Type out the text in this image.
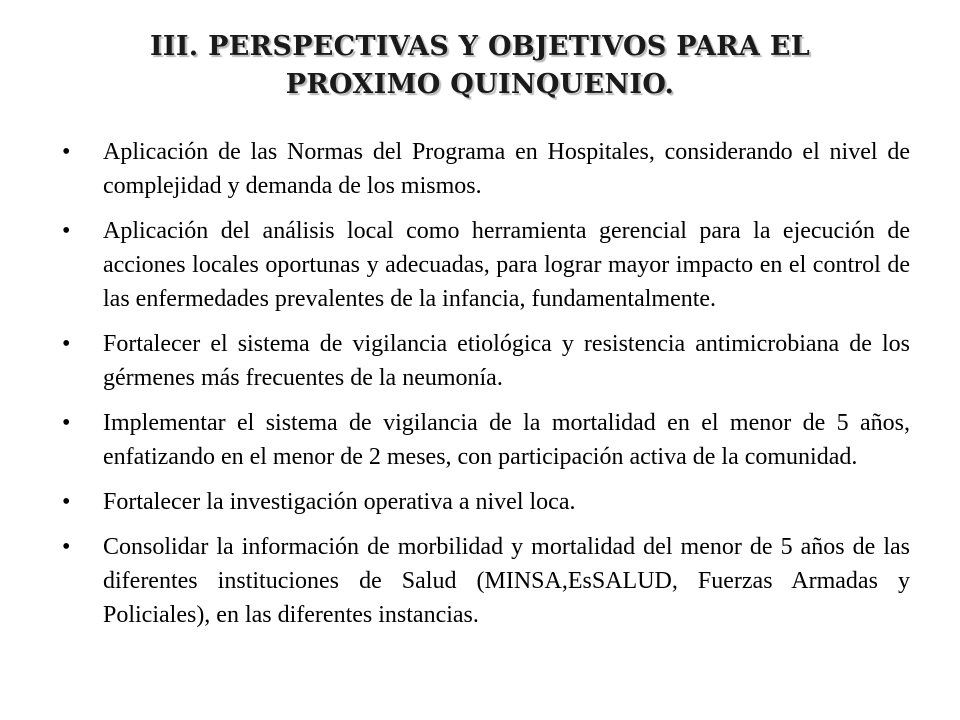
III. PERSPECTIVAS Y OBJETIVOS PARA EL
PROXIMO QUINQUENIO.
• Aplicación de las Normas del Programa en Hospitales, considerando el nivel de complejidad y demanda de los mismos.
• Aplicación del análisis local como herramienta gerencial para la ejecución de acciones locales oportunas y adecuadas, para lograr mayor impacto en el control de las enfermedades prevalentes de la infancia, fundamentalmente.
• Fortalecer el sistema de vigilancia etiológica y resistencia antimicrobiana de los gérmenes más frecuentes de la neumonía.
• Implementar el sistema de vigilancia de la mortalidad en el menor de 5 años, enfatizando en el menor de 2 meses, con participación activa de la comunidad.
• Fortalecer la investigación operativa a nivel loca.
• Consolidar la información de morbilidad y mortalidad del menor de 5 años de las diferentes instituciones de Salud (MINSA,EsSALUD, Fuerzas Armadas y Policiales), en las diferentes instancias.
